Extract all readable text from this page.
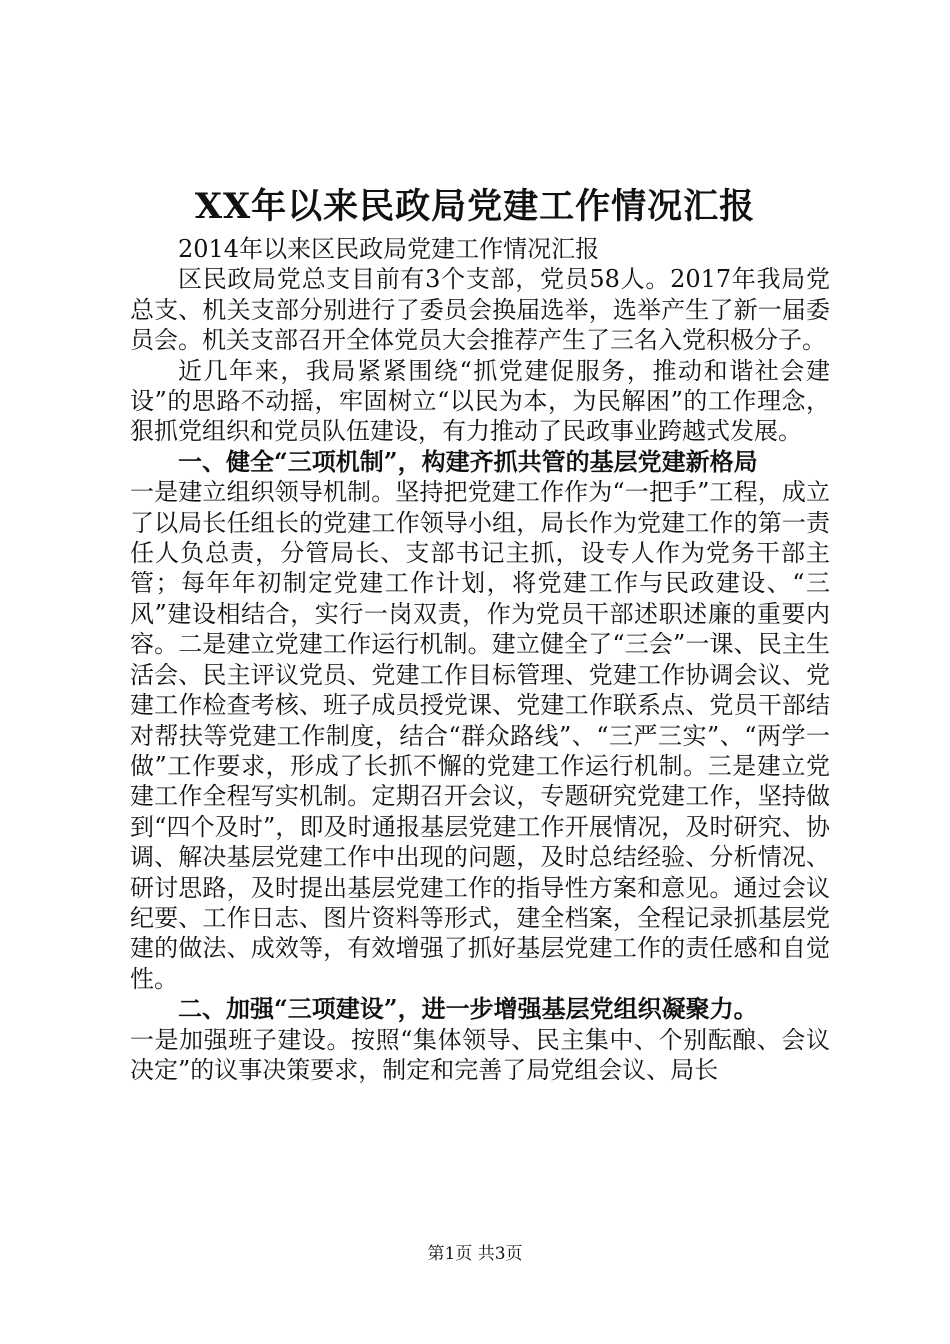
XX年以来民政局党建工作情况汇报

2014年以来区民政局党建工作情况汇报

区民政局党总支目前有3个支部，党员58人。2017年我局党总支、机关支部分别进行了委员会换届选举，选举产生了新一届委员会。机关支部召开全体党员大会推荐产生了三名入党积极分子。

近几年来，我局紧紧围绕“抓党建促服务，推动和谐社会建设”的思路不动摇，牢固树立“以民为本，为民解困”的工作理念，狠抓党组织和党员队伍建设，有力推动了民政事业跨越式发展。

一、健全“三项机制”，构建齐抓共管的基层党建新格局

一是建立组织领导机制。坚持把党建工作作为“一把手”工程，成立了以局长任组长的党建工作领导小组，局长作为党建工作的第一责任人负总责，分管局长、支部书记主抓，设专人作为党务干部主管；每年年初制定党建工作计划，将党建工作与民政建设、“三风”建设相结合，实行一岗双责，作为党员干部述职述廉的重要内容。二是建立党建工作运行机制。建立健全了“三会”一课、民主生活会、民主评议党员、党建工作目标管理、党建工作协调会议、党建工作检查考核、班子成员授党课、党建工作联系点、党员干部结对帮扶等党建工作制度，结合“群众路线”、“三严三实”、“两学一做”工作要求，形成了长抓不懈的党建工作运行机制。三是建立党建工作全程写实机制。定期召开会议，专题研究党建工作，坚持做到“四个及时”，即及时通报基层党建工作开展情况，及时研究、协调、解决基层党建工作中出现的问题，及时总结经验、分析情况、研讨思路，及时提出基层党建工作的指导性方案和意见。通过会议纪要、工作日志、图片资料等形式，建全档案，全程记录抓基层党建的做法、成效等，有效增强了抓好基层党建工作的责任感和自觉性。

二、加强“三项建设”，进一步增强基层党组织凝聚力。

一是加强班子建设。按照“集体领导、民主集中、个别酝酿、会议决定”的议事决策要求，制定和完善了局党组会议、局长

第1页 共3页
